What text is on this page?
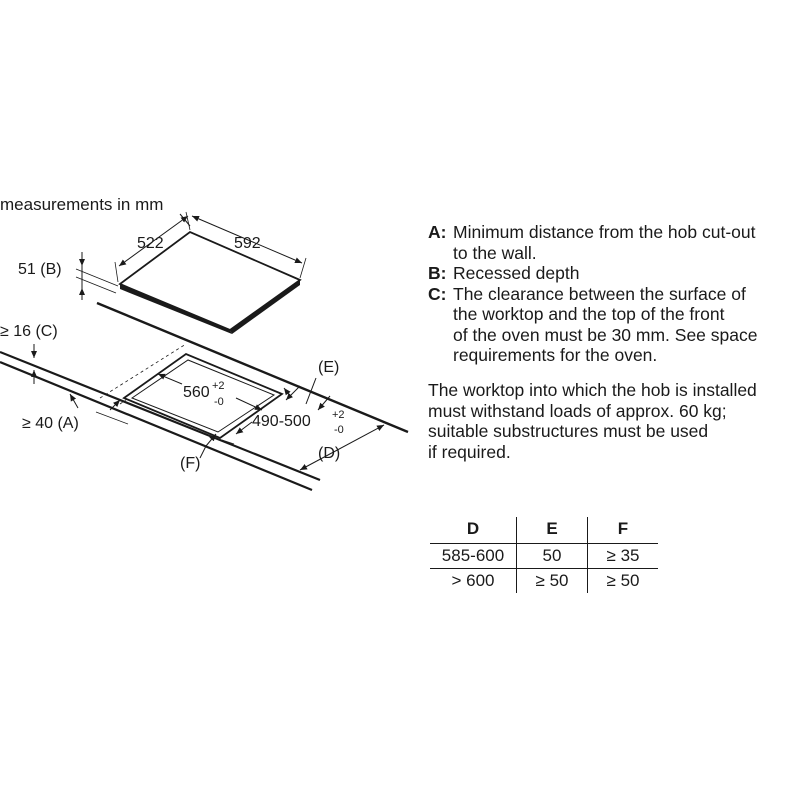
measurements in mm
522	592
51 (B)
560 +2
-0
490-500 +2
-0
(E)
(D)
(F)
≥ 16 (C)
≥ 40 (A)
A: Minimum distance from the hob cut-out
to the wall.
B: Recessed depth
C: The clearance between the surface of
the worktop and the top of the front
of the oven must be 30 mm. See space
requirements for the oven.
The worktop into which the hob is installed
must withstand loads of approx. 60 kg;
suitable substructures must be used
if required.
D	E	F
585-600	50	≥ 35
> 600	≥ 50	≥ 50
